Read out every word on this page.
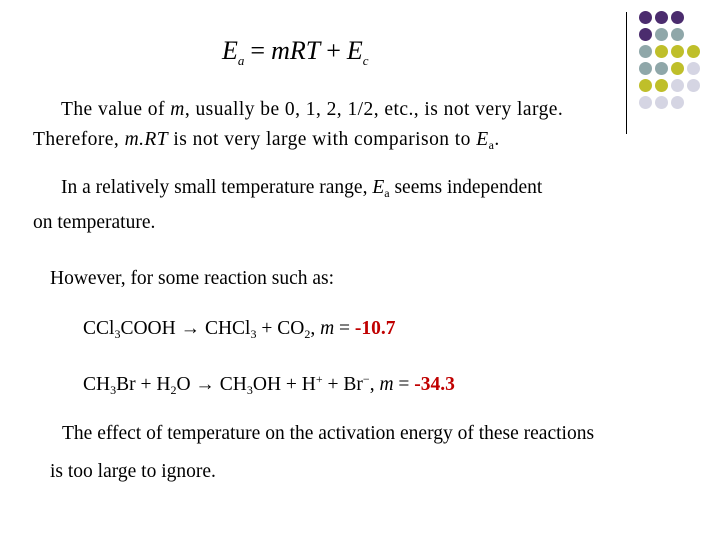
$E_a$ = mRT + $E_c$
The value of m, usually be 0, 1, 2, 1/2, etc., is not very large.
Therefore, m.RT is not very large with comparison to $E_a$.
In a relatively small temperature range, $E_a$ seems independent
on temperature.
However, for some reaction such as:
CCl$_3$COOH → CHCl$_3$ + $CO_2$, m = -10.7
$CH_3Br + H_2O \to CH_3OH + H^+ + Br^-$, m = -34.3
The effect of temperature on the activation energy of these reactions
is too large to ignore.
